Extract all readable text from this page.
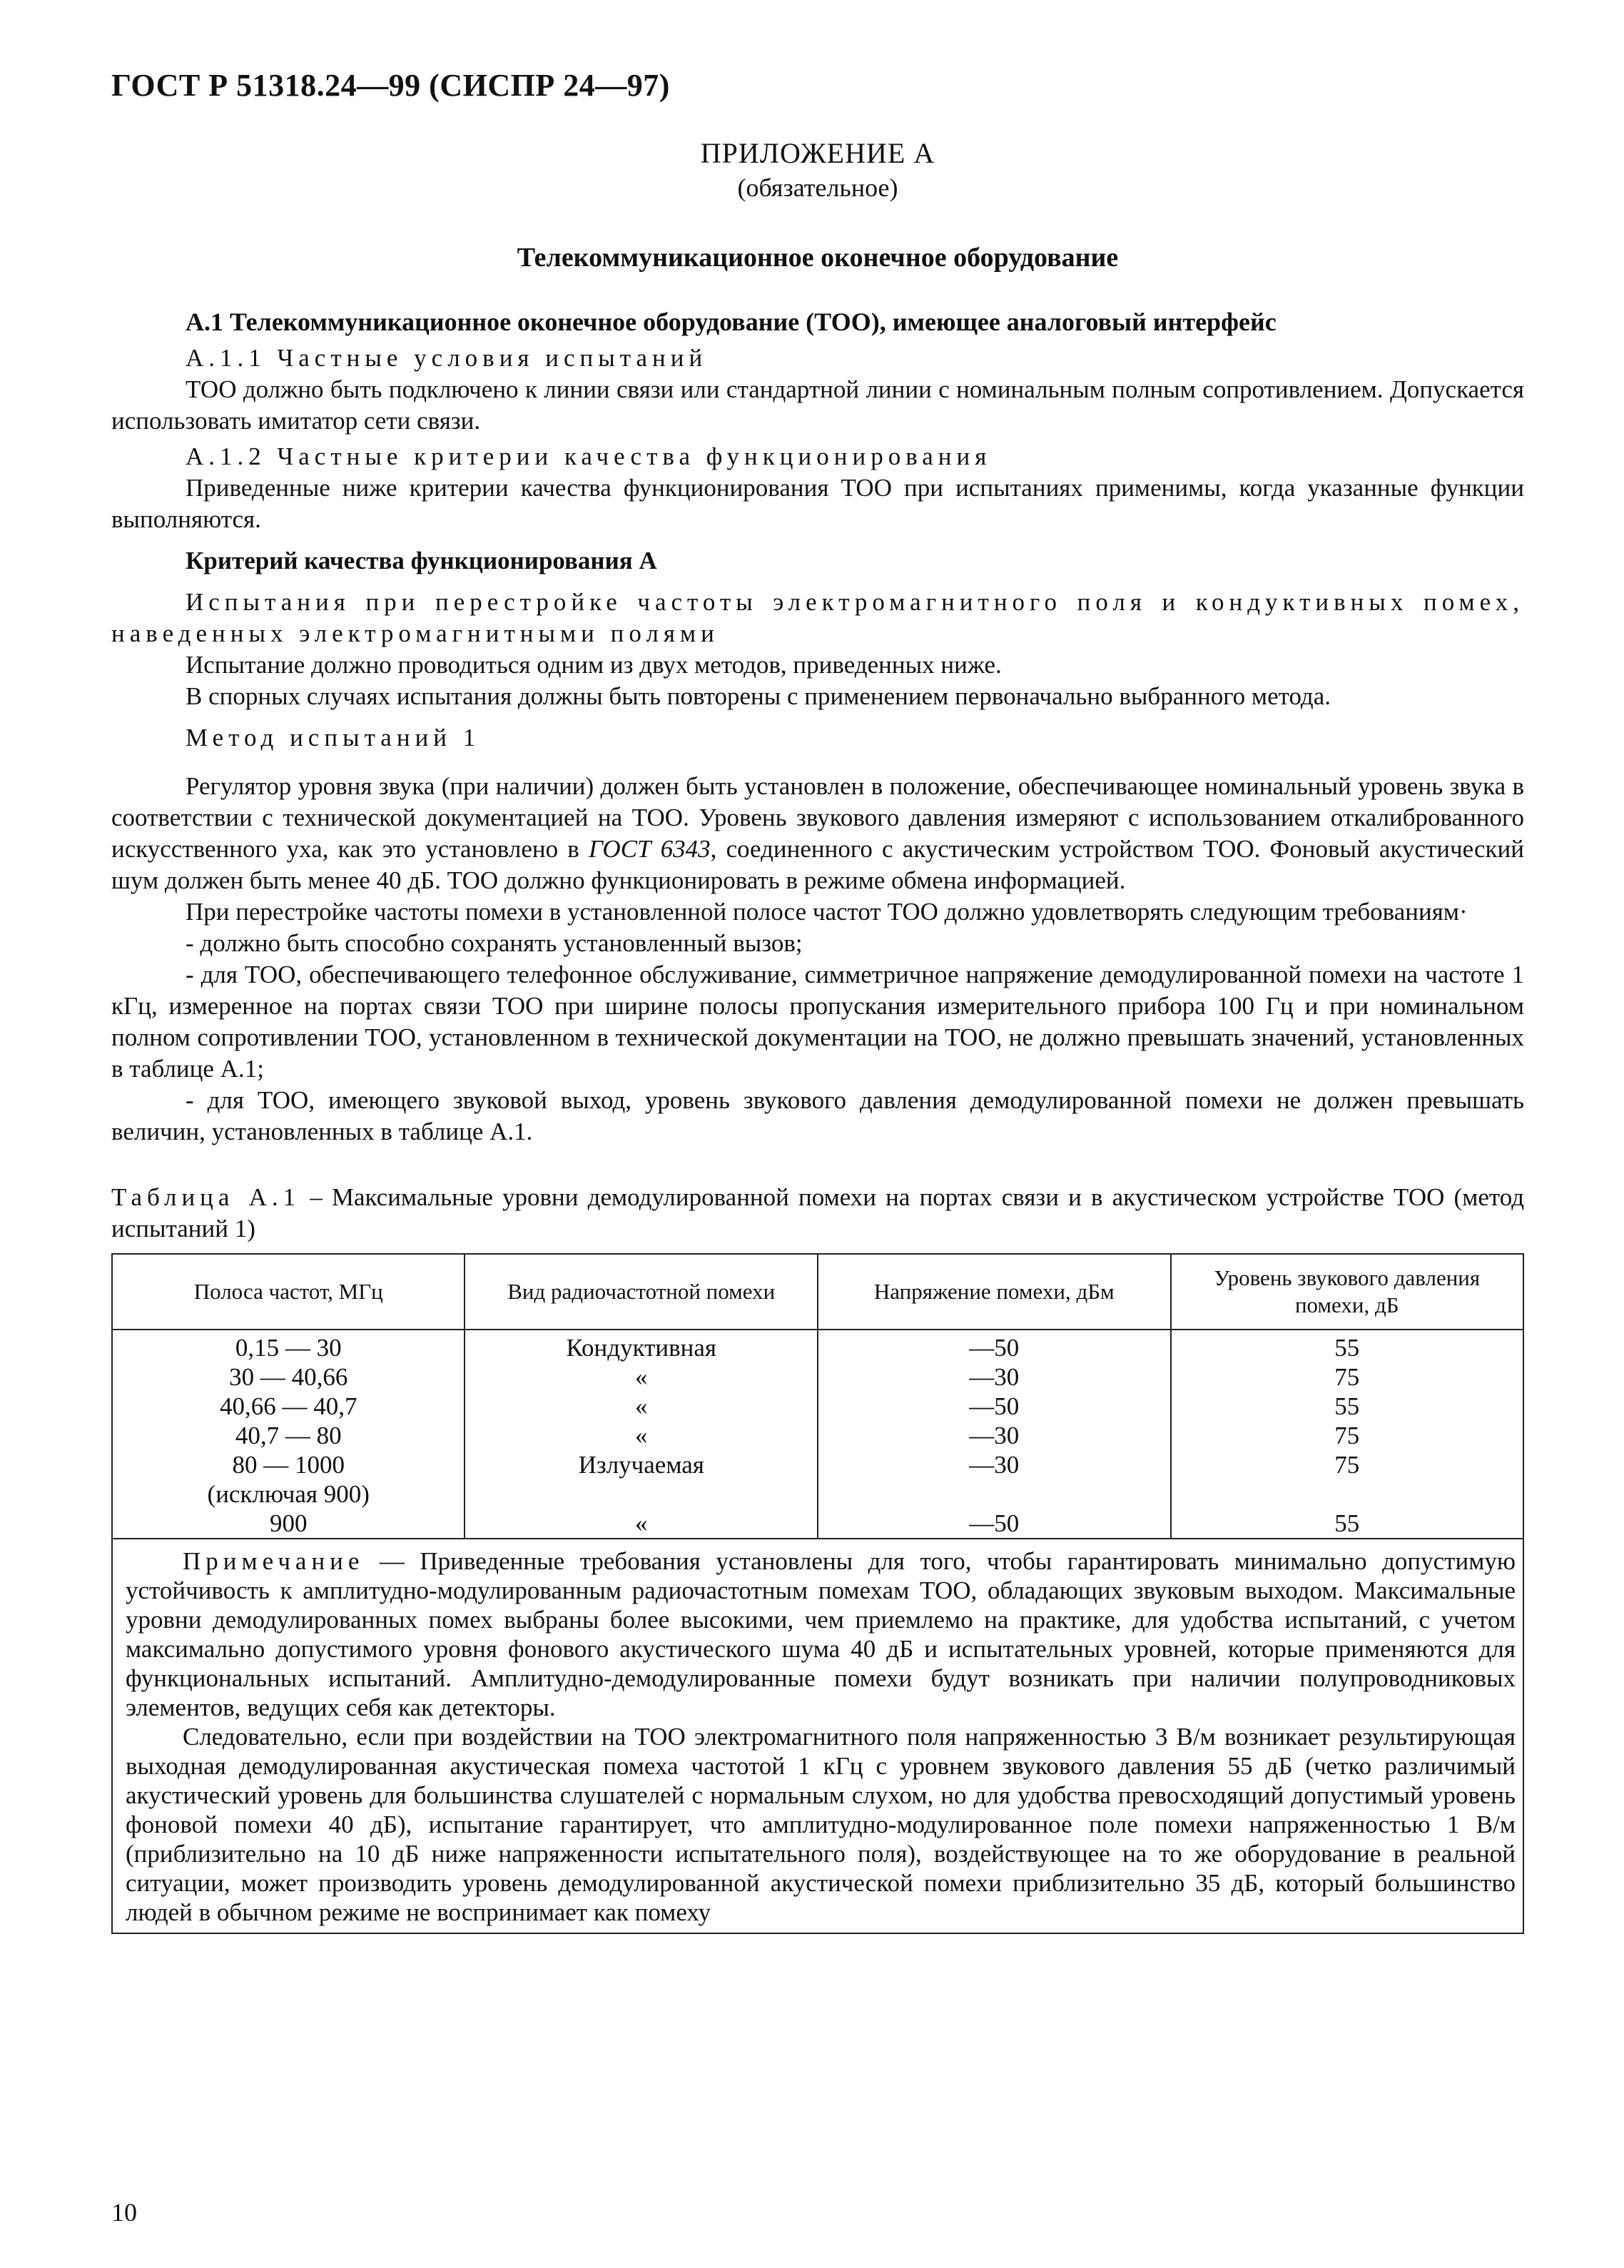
ГОСТ Р 51318.24—99 (СИСПР 24—97)
ПРИЛОЖЕНИЕ А
(обязательное)
Телекоммуникационное оконечное оборудование
А.1 Телекоммуникационное оконечное оборудование (ТОО), имеющее аналоговый интерфейс
А.1.1 Частные условия испытаний

ТОО должно быть подключено к линии связи или стандартной линии с номинальным полным сопротивлением. Допускается использовать имитатор сети связи.

А.1.2 Частные критерии качества функционирования

Приведенные ниже критерии качества функционирования ТОО при испытаниях применимы, когда указанные функции выполняются.

Критерий качества функционирования А

Испытания при перестройке частоты электромагнитного поля и кондуктивных помех, наведенных электромагнитными полями

Испытание должно проводиться одним из двух методов, приведенных ниже.

В спорных случаях испытания должны быть повторены с применением первоначально выбранного метода.

Метод испытаний 1

Регулятор уровня звука (при наличии) должен быть установлен в положение, обеспечивающее номинальный уровень звука в соответствии с технической документацией на ТОО. Уровень звукового давления измеряют с использованием откалиброванного искусственного уха, как это установлено в ГОСТ 6343, соединенного с акустическим устройством ТОО. Фоновый акустический шум должен быть менее 40 дБ. ТОО должно функционировать в режиме обмена информацией.

При перестройке частоты помехи в установленной полосе частот ТОО должно удовлетворять следующим требованиям·

- должно быть способно сохранять установленный вызов;

- для ТОО, обеспечивающего телефонное обслуживание, симметричное напряжение демодулированной помехи на частоте 1 кГц, измеренное на портах связи ТОО при ширине полосы пропускания измерительного прибора 100 Гц и при номинальном полном сопротивлении ТОО, установленном в технической документации на ТОО, не должно превышать значений, установленных в таблице А.1;

- для ТОО, имеющего звуковой выход, уровень звукового давления демодулированной помехи не должен превышать величин, установленных в таблице А.1.

Таблица А.1 – Максимальные уровни демодулированной помехи на портах связи и в акустическом устройстве ТОО (метод испытаний 1)
Полоса частот, МГц	Вид радиочастотной помехи	Напряжение помехи, дБм	Уровень звукового давления помехи, дБ
0,15 — 30	Кондуктивная	—50	55
30 — 40,66	«	—30	75
40,66 — 40,7	«	—50	55
40,7 — 80	«	—30	75
80 — 1000	Излучаемая	—30	75
(исключая 900)			
900	«	—50	55

Примечание — Приведенные требования установлены для того, чтобы гарантировать минимально допустимую устойчивость к амплитудно-модулированным радиочастотным помехам ТОО, обладающих звуковым выходом. Максимальные уровни демодулированных помех выбраны более высокими, чем приемлемо на практике, для удобства испытаний, с учетом максимально допустимого уровня фонового акустического шума 40 дБ и испытательных уровней, которые применяются для функциональных испытаний. Амплитудно-демодулированные помехи будут возникать при наличии полупроводниковых элементов, ведущих себя как детекторы.

Следовательно, если при воздействии на ТОО электромагнитного поля напряженностью 3 В/м возникает результирующая выходная демодулированная акустическая помеха частотой 1 кГц с уровнем звукового давления 55 дБ (четко различимый акустический уровень для большинства слушателей с нормальным слухом, но для удобства превосходящий допустимый уровень фоновой помехи 40 дБ), испытание гарантирует, что амплитудно-модулированное поле помехи напряженностью 1 В/м (приблизительно на 10 дБ ниже напряженности испытательного поля), воздействующее на то же оборудование в реальной ситуации, может производить уровень демодулированной акустической помехи приблизительно 35 дБ, который большинство людей в обычном режиме не воспринимает как помеху			

10
